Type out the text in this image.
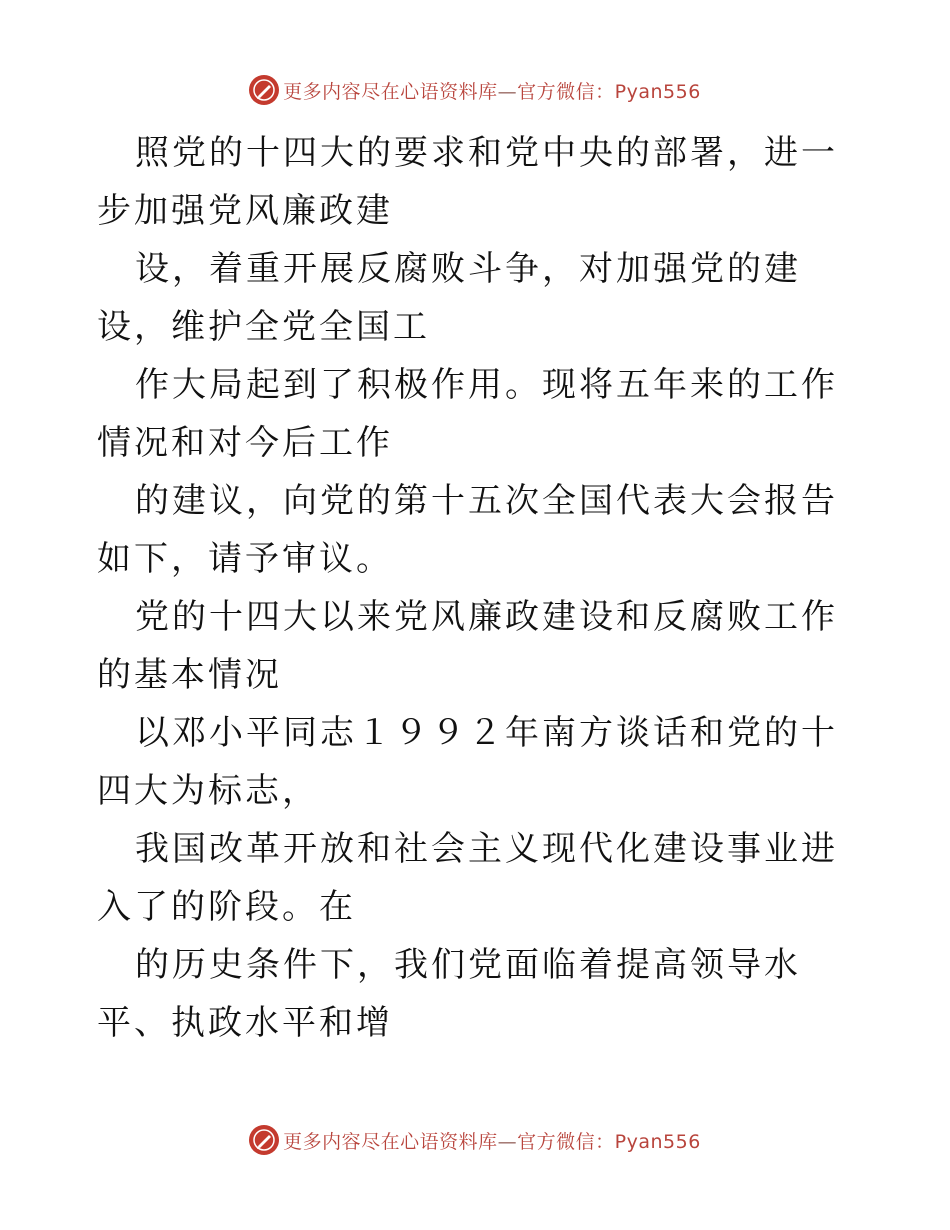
更多内容尽在心语资料库—官方微信：Pyan556

照党的十四大的要求和党中央的部署，进一步加强党风廉政建

设，着重开展反腐败斗争，对加强党的建设，维护全党全国工

作大局起到了积极作用。现将五年来的工作情况和对今后工作

的建议，向党的第十五次全国代表大会报告如下，请予审议。

党的十四大以来党风廉政建设和反腐败工作的基本情况

以邓小平同志１９９２年南方谈话和党的十四大为标志，

我国改革开放和社会主义现代化建设事业进入了的阶段。在

的历史条件下，我们党面临着提高领导水平、执政水平和增

更多内容尽在心语资料库—官方微信：Pyan556
